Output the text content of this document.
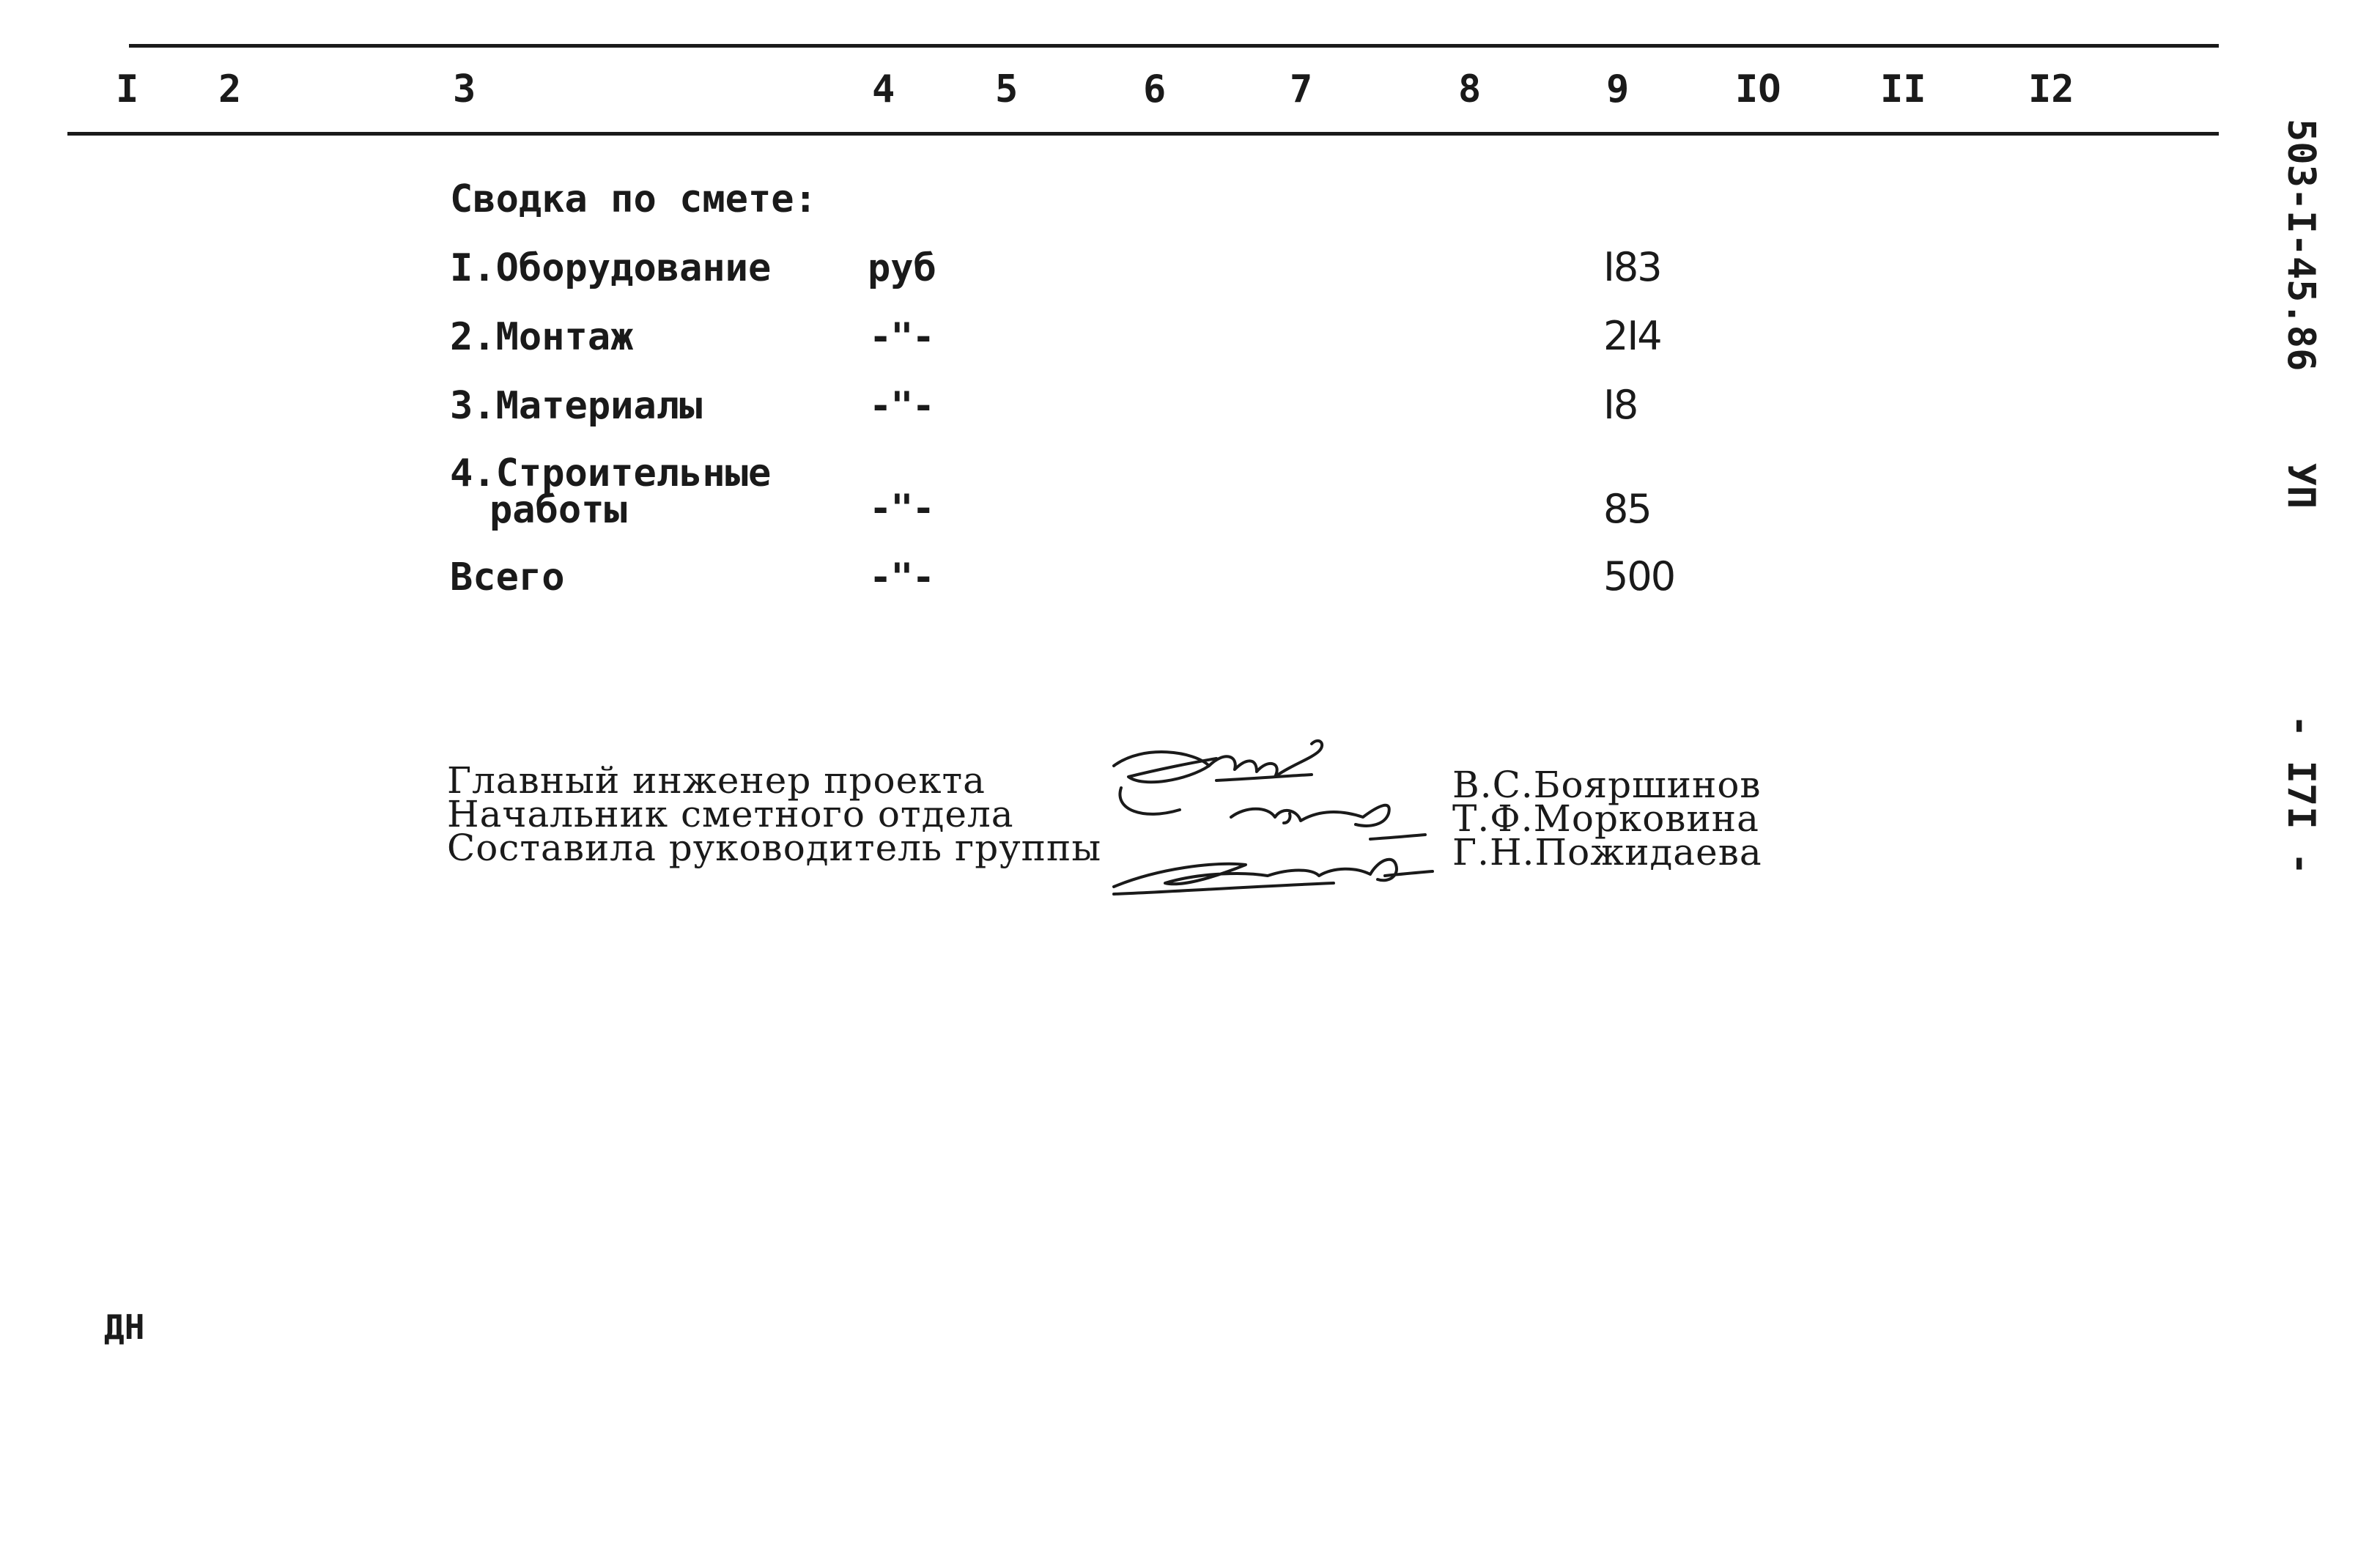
I 2	3	4	5	6	7	8	9	IO	II	I2
503-I-45.86    УП
- I7I -
Сводка по смете:
I.Оборудование	руб	I83
2.Монтаж	-"-	2I4
3.Материалы	-"-	I8
4.Строительные
работы	-"-	85
Всего	-"-	500
Главный инженер проекта
Начальник сметного отдела
Составила руководитель группы
В.С.Бояршинов
Т.Ф.Морковина
Г.Н.Пожидаева
ДН
